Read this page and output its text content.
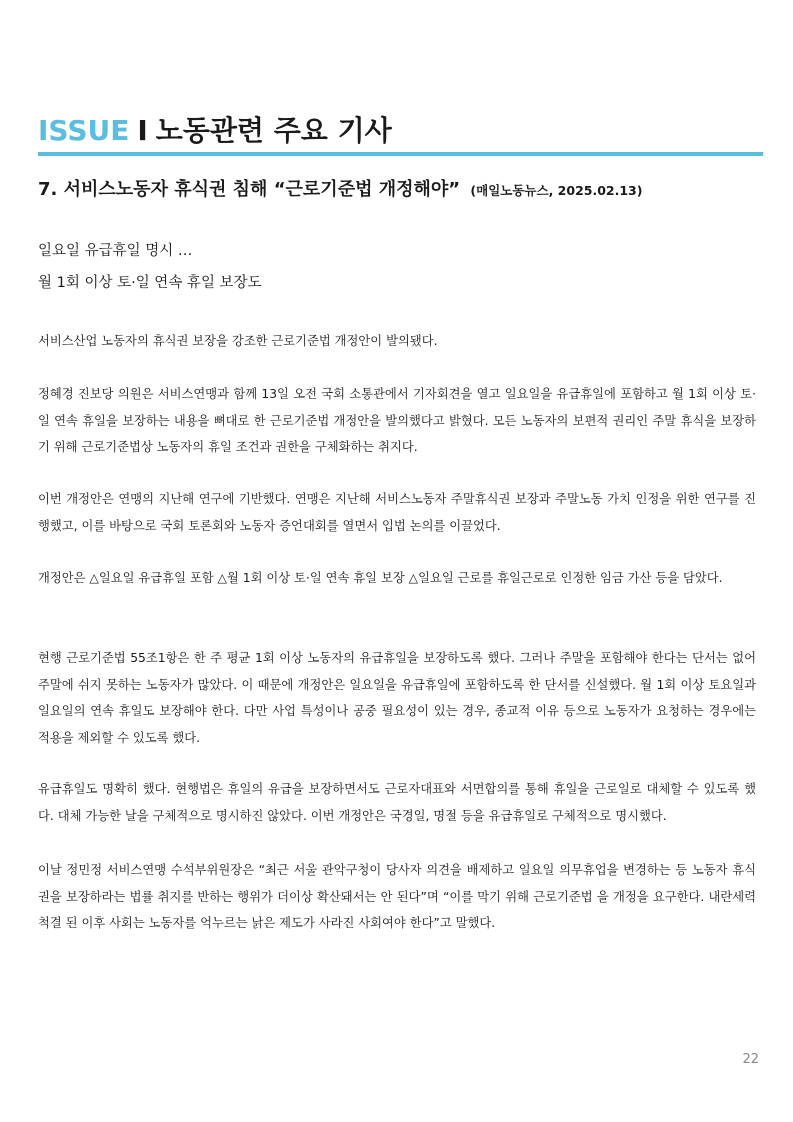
ISSUE I 노동관련 주요 기사
7. 서비스노동자 휴식권 침해 “근로기준법 개정해야” (매일노동뉴스, 2025.02.13)
일요일 유급휴일 명시 …
월 1회 이상 토·일 연속 휴일 보장도

서비스산업 노동자의 휴식권 보장을 강조한 근로기준법 개정안이 발의됐다.

정혜경 진보당 의원은 서비스연맹과 함께 13일 오전 국회 소통관에서 기자회견을 열고 일요일을 유급휴일에 포함하고 월 1회 이상 토·일 연속 휴일을 보장하는 내용을 뼈대로 한 근로기준법 개정안을 발의했다고 밝혔다. 모든 노동자의 보편적 권리인 주말 휴식을 보장하기 위해 근로기준법상 노동자의 휴일 조건과 권한을 구체화하는 취지다.

이번 개정안은 연맹의 지난해 연구에 기반했다. 연맹은 지난해 서비스노동자 주말휴식권 보장과 주말노동 가치 인정을 위한 연구를 진행했고, 이를 바탕으로 국회 토론회와 노동자 증언대회를 열면서 입법 논의를 이끌었다.

개정안은 △일요일 유급휴일 포함 △월 1회 이상 토·일 연속 휴일 보장 △일요일 근로를 휴일근로로 인정한 임금 가산 등을 담았다.

현행 근로기준법 55조1항은 한 주 평균 1회 이상 노동자의 유급휴일을 보장하도록 했다. 그러나 주말을 포함해야 한다는 단서는 없어 주말에 쉬지 못하는 노동자가 많았다. 이 때문에 개정안은 일요일을 유급휴일에 포함하도록 한 단서를 신설했다. 월 1회 이상 토요일과 일요일의 연속 휴일도 보장해야 한다. 다만 사업 특성이나 공중 필요성이 있는 경우, 종교적 이유 등으로 노동자가 요청하는 경우에는 적용을 제외할 수 있도록 했다.

유급휴일도 명확히 했다. 현행법은 휴일의 유급을 보장하면서도 근로자대표와 서면합의를 통해 휴일을 근로일로 대체할 수 있도록 했다. 대체 가능한 날을 구체적으로 명시하진 않았다. 이번 개정안은 국경일, 명절 등을 유급휴일로 구체적으로 명시했다.

이날 정민정 서비스연맹 수석부위원장은 “최근 서울 관악구청이 당사자 의견을 배제하고 일요일 의무휴업을 변경하는 등 노동자 휴식권을 보장하라는 법률 취지를 반하는 행위가 더이상 확산돼서는 안 된다”며 “이를 막기 위해 근로기준법 을 개정을 요구한다. 내란세력 척결 된 이후 사회는 노동자를 억누르는 낡은 제도가 사라진 사회여야 한다”고 말했다.

22
